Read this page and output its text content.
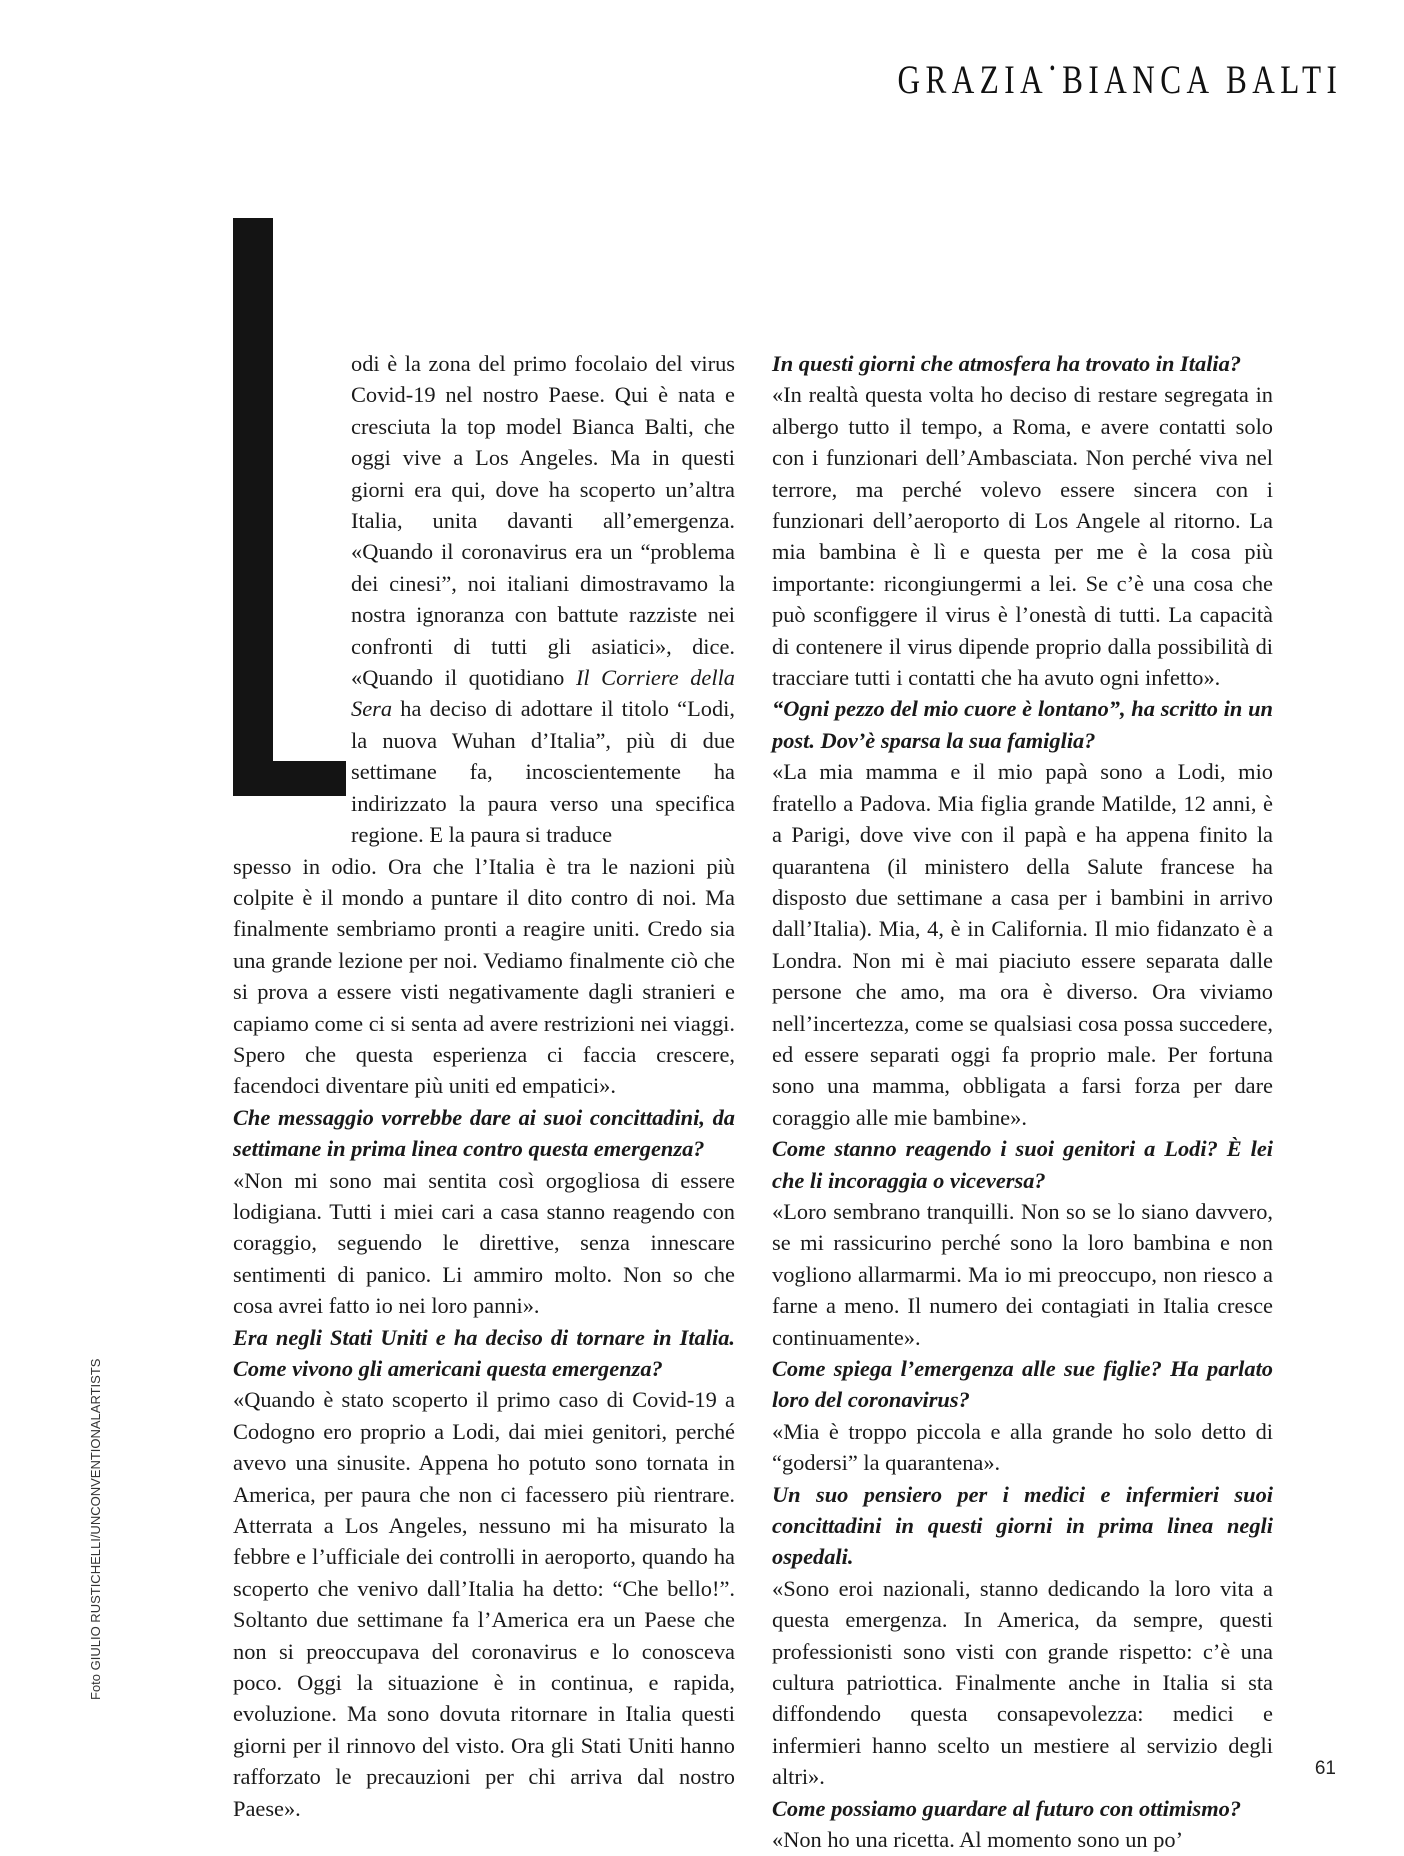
GRAZIA•BIANCA BALTI
Foto GIULIO RUSTICHELLI/UNCONVENTIONALARTISTS

odi è la zona del primo focolaio del virus Covid-19 nel nostro Paese. Qui è nata e cresciuta la top model Bianca Balti, che oggi vive a Los Angeles. Ma in questi giorni era qui, dove ha scoperto un’altra Italia, unita davanti all’emergenza. «Quando il coronavirus era un “problema dei cinesi”, noi italiani dimostravamo la nostra ignoranza con battute razziste nei confronti di tutti gli asiatici», dice. «Quando il quotidiano Il Corriere della Sera ha deciso di adottare il titolo “Lodi, la nuova Wuhan d’Italia”, più di due settimane fa, incoscientemente ha indirizzato la paura verso una specifica regione. E la paura si traduce

spesso in odio. Ora che l’Italia è tra le nazioni più colpite è il mondo a puntare il dito contro di noi. Ma finalmente sembriamo pronti a reagire uniti. Credo sia una grande lezione per noi. Vediamo finalmente ciò che si prova a essere visti negativamente dagli stranieri e capiamo come ci si senta ad avere restrizioni nei viaggi. Spero che questa esperienza ci faccia crescere, facendoci diventare più uniti ed empatici».

Che messaggio vorrebbe dare ai suoi concittadini, da settimane in prima linea contro questa emergenza?

«Non mi sono mai sentita così orgogliosa di essere lodigiana. Tutti i miei cari a casa stanno reagendo con coraggio, seguendo le direttive, senza innescare sentimenti di panico. Li ammiro molto. Non so che cosa avrei fatto io nei loro panni».

Era negli Stati Uniti e ha deciso di tornare in Italia. Come vivono gli americani questa emergenza?

«Quando è stato scoperto il primo caso di Covid-19 a Codogno ero proprio a Lodi, dai miei genitori, perché avevo una sinusite. Appena ho potuto sono tornata in America, per paura che non ci facessero più rientrare. Atterrata a Los Angeles, nessuno mi ha misurato la febbre e l’ufficiale dei controlli in aeroporto, quando ha scoperto che venivo dall’Italia ha detto: “Che bello!”. Soltanto due settimane fa l’America era un Paese che non si preoccupava del coronavirus e lo conosceva poco. Oggi la situazione è in continua, e rapida, evoluzione. Ma sono dovuta ritornare in Italia questi giorni per il rinnovo del visto. Ora gli Stati Uniti hanno rafforzato le precauzioni per chi arriva dal nostro Paese».

In questi giorni che atmosfera ha trovato in Italia?

«In realtà questa volta ho deciso di restare segregata in albergo tutto il tempo, a Roma, e avere contatti solo con i funzionari dell’Ambasciata. Non perché viva nel terrore, ma perché volevo essere sincera con i funzionari dell’aeroporto di Los Angele al ritorno. La mia bambina è lì e questa per me è la cosa più importante: ricongiungermi a lei. Se c’è una cosa che può sconfiggere il virus è l’onestà di tutti. La capacità di contenere il virus dipende proprio dalla possibilità di tracciare tutti i contatti che ha avuto ogni infetto».

“Ogni pezzo del mio cuore è lontano”, ha scritto in un post. Dov’è sparsa la sua famiglia?

«La mia mamma e il mio papà sono a Lodi, mio fratello a Padova. Mia figlia grande Matilde, 12 anni, è a Parigi, dove vive con il papà e ha appena finito la quarantena (il ministero della Salute francese ha disposto due settimane a casa per i bambini in arrivo dall’Italia). Mia, 4, è in California. Il mio fidanzato è a Londra. Non mi è mai piaciuto essere separata dalle persone che amo, ma ora è diverso. Ora viviamo nell’incertezza, come se qualsiasi cosa possa succedere, ed essere separati oggi fa proprio male. Per fortuna sono una mamma, obbligata a farsi forza per dare coraggio alle mie bambine».

Come stanno reagendo i suoi genitori a Lodi? È lei che li incoraggia o viceversa?

«Loro sembrano tranquilli. Non so se lo siano davvero, se mi rassicurino perché sono la loro bambina e non vogliono allarmarmi. Ma io mi preoccupo, non riesco a farne a meno. Il numero dei contagiati in Italia cresce continuamente».

Come spiega l’emergenza alle sue figlie? Ha parlato loro del coronavirus?

«Mia è troppo piccola e alla grande ho solo detto di “godersi” la quarantena».

Un suo pensiero per i medici e infermieri suoi concittadini in questi giorni in prima linea negli ospedali.

«Sono eroi nazionali, stanno dedicando la loro vita a questa emergenza. In America, da sempre, questi professionisti sono visti con grande rispetto: c’è una cultura patriottica. Finalmente anche in Italia si sta diffondendo questa consapevolezza: medici e infermieri hanno scelto un mestiere al servizio degli altri».

Come possiamo guardare al futuro con ottimismo?

«Non ho una ricetta. Al momento sono un po’

61
